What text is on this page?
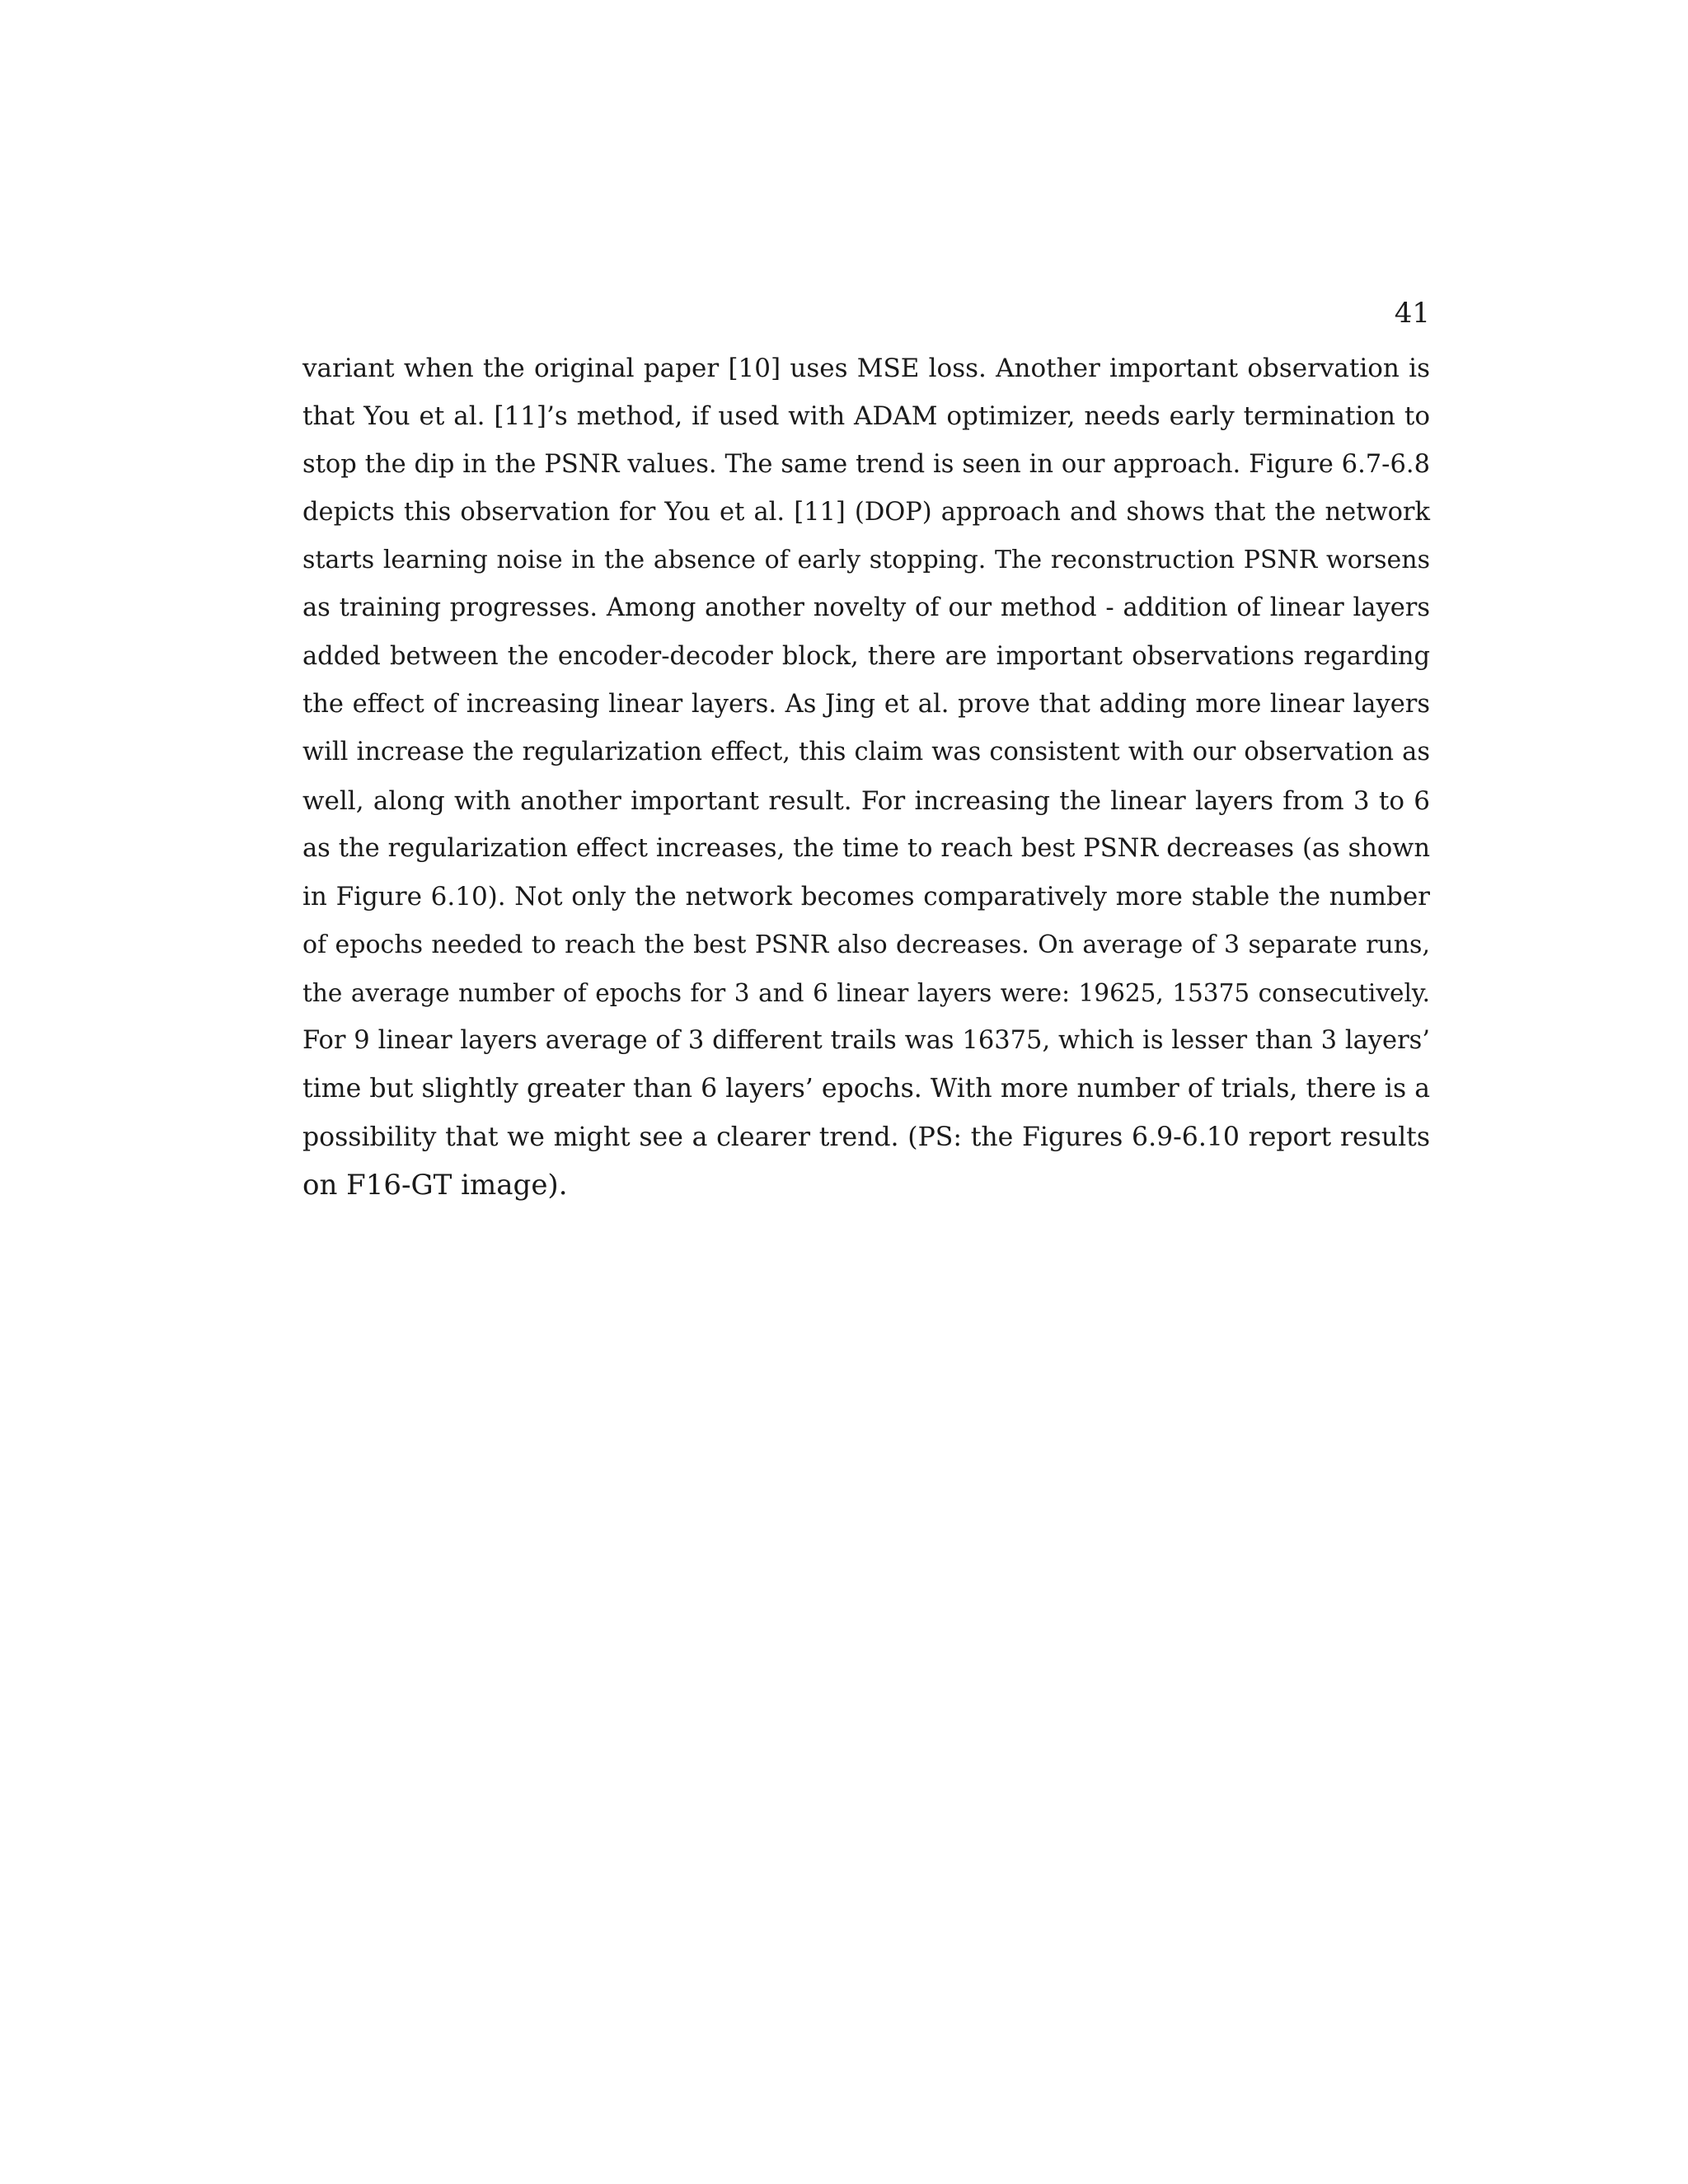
41
variant when the original paper [10] uses MSE loss. Another important observation is
that You et al. [11]’s method, if used with ADAM optimizer, needs early termination to
stop the dip in the PSNR values. The same trend is seen in our approach. Figure 6.7-6.8
depicts this observation for You et al. [11] (DOP) approach and shows that the network
starts learning noise in the absence of early stopping. The reconstruction PSNR worsens
as training progresses. Among another novelty of our method - addition of linear layers
added between the encoder-decoder block, there are important observations regarding
the effect of increasing linear layers. As Jing et al. prove that adding more linear layers
will increase the regularization effect, this claim was consistent with our observation as
well, along with another important result. For increasing the linear layers from 3 to 6
as the regularization effect increases, the time to reach best PSNR decreases (as shown
in Figure 6.10). Not only the network becomes comparatively more stable the number
of epochs needed to reach the best PSNR also decreases. On average of 3 separate runs,
the average number of epochs for 3 and 6 linear layers were: 19625, 15375 consecutively.
For 9 linear layers average of 3 different trails was 16375, which is lesser than 3 layers’
time but slightly greater than 6 layers’ epochs. With more number of trials, there is a
possibility that we might see a clearer trend. (PS: the Figures 6.9-6.10 report results
on F16-GT image).
